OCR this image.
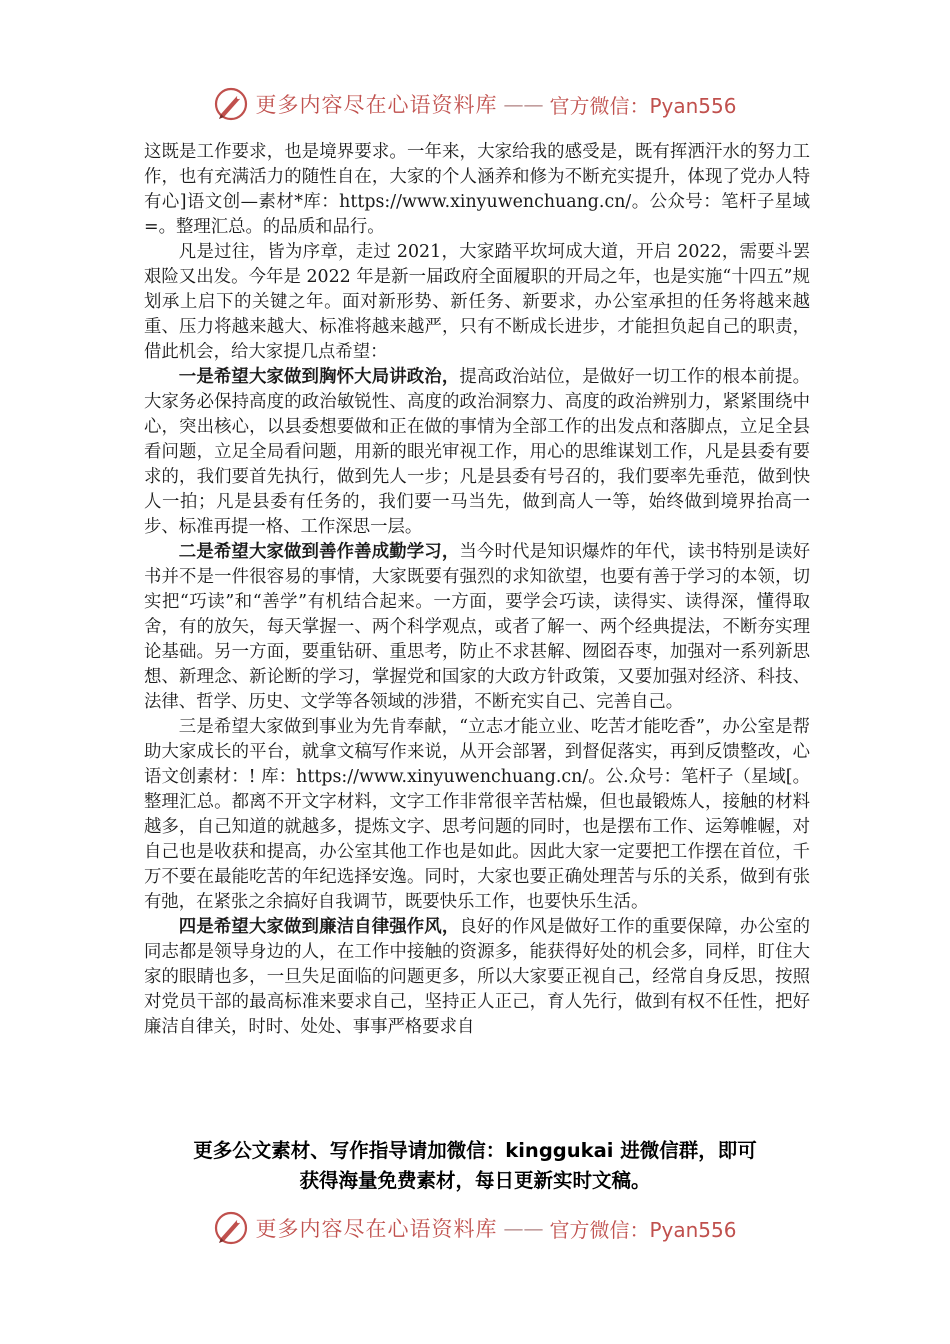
更多内容尽在心语资料库 —— 官方微信：Pyan556

这既是工作要求，也是境界要求。一年来，大家给我的感受是，既有挥洒汗水的努力工作，也有充满活力的随性自在，大家的个人涵养和修为不断充实提升，体现了党办人特有心]语文创—素材*库：https://www.xinyuwenchuang.cn/。公众号：笔杆子星域=。整理汇总。的品质和品行。

凡是过往，皆为序章，走过 2021，大家踏平坎坷成大道，开启 2022，需要斗罢艰险又出发。今年是 2022 年是新一届政府全面履职的开局之年，也是实施“十四五”规划承上启下的关键之年。面对新形势、新任务、新要求，办公室承担的任务将越来越重、压力将越来越大、标准将越来越严，只有不断成长进步，才能担负起自己的职责，借此机会，给大家提几点希望：

一是希望大家做到胸怀大局讲政治，提高政治站位，是做好一切工作的根本前提。大家务必保持高度的政治敏锐性、高度的政治洞察力、高度的政治辨别力，紧紧围绕中心，突出核心，以县委想要做和正在做的事情为全部工作的出发点和落脚点，立足全县看问题，立足全局看问题，用新的眼光审视工作，用心的思维谋划工作，凡是县委有要求的，我们要首先执行，做到先人一步；凡是县委有号召的，我们要率先垂范，做到快人一拍；凡是县委有任务的，我们要一马当先，做到高人一等，始终做到境界抬高一步、标准再提一格、工作深思一层。

二是希望大家做到善作善成勤学习，当今时代是知识爆炸的年代，读书特别是读好书并不是一件很容易的事情，大家既要有强烈的求知欲望，也要有善于学习的本领，切实把“巧读”和“善学”有机结合起来。一方面，要学会巧读，读得实、读得深，懂得取舍，有的放矢，每天掌握一、两个科学观点，或者了解一、两个经典提法，不断夯实理论基础。另一方面，要重钻研、重思考，防止不求甚解、囫囵吞枣，加强对一系列新思想、新理念、新论断的学习，掌握党和国家的大政方针政策，又要加强对经济、科技、法律、哲学、历史、文学等各领域的涉猎，不断充实自己、完善自己。

三是希望大家做到事业为先肯奉献，“立志才能立业、吃苦才能吃香”，办公室是帮助大家成长的平台，就拿文稿写作来说，从开会部署，到督促落实，再到反馈整改，心语文创素材：! 库：https://www.xinyuwenchuang.cn/。公.众号：笔杆子（星域[。整理汇总。都离不开文字材料，文字工作非常很辛苦枯燥，但也最锻炼人，接触的材料越多，自己知道的就越多，提炼文字、思考问题的同时，也是摆布工作、运筹帷幄，对自己也是收获和提高，办公室其他工作也是如此。因此大家一定要把工作摆在首位，千万不要在最能吃苦的年纪选择安逸。同时，大家也要正确处理苦与乐的关系，做到有张有弛，在紧张之余搞好自我调节，既要快乐工作，也要快乐生活。

四是希望大家做到廉洁自律强作风，良好的作风是做好工作的重要保障，办公室的同志都是领导身边的人，在工作中接触的资源多，能获得好处的机会多，同样，盯住大家的眼睛也多，一旦失足面临的问题更多，所以大家要正视自己，经常自身反思，按照对党员干部的最高标准来要求自己，坚持正人正己，育人先行，做到有权不任性，把好廉洁自律关，时时、处处、事事严格要求自

更多公文素材、写作指导请加微信：kinggukai 进微信群，即可
获得海量免费素材，每日更新实时文稿。
更多内容尽在心语资料库 —— 官方微信：Pyan556
